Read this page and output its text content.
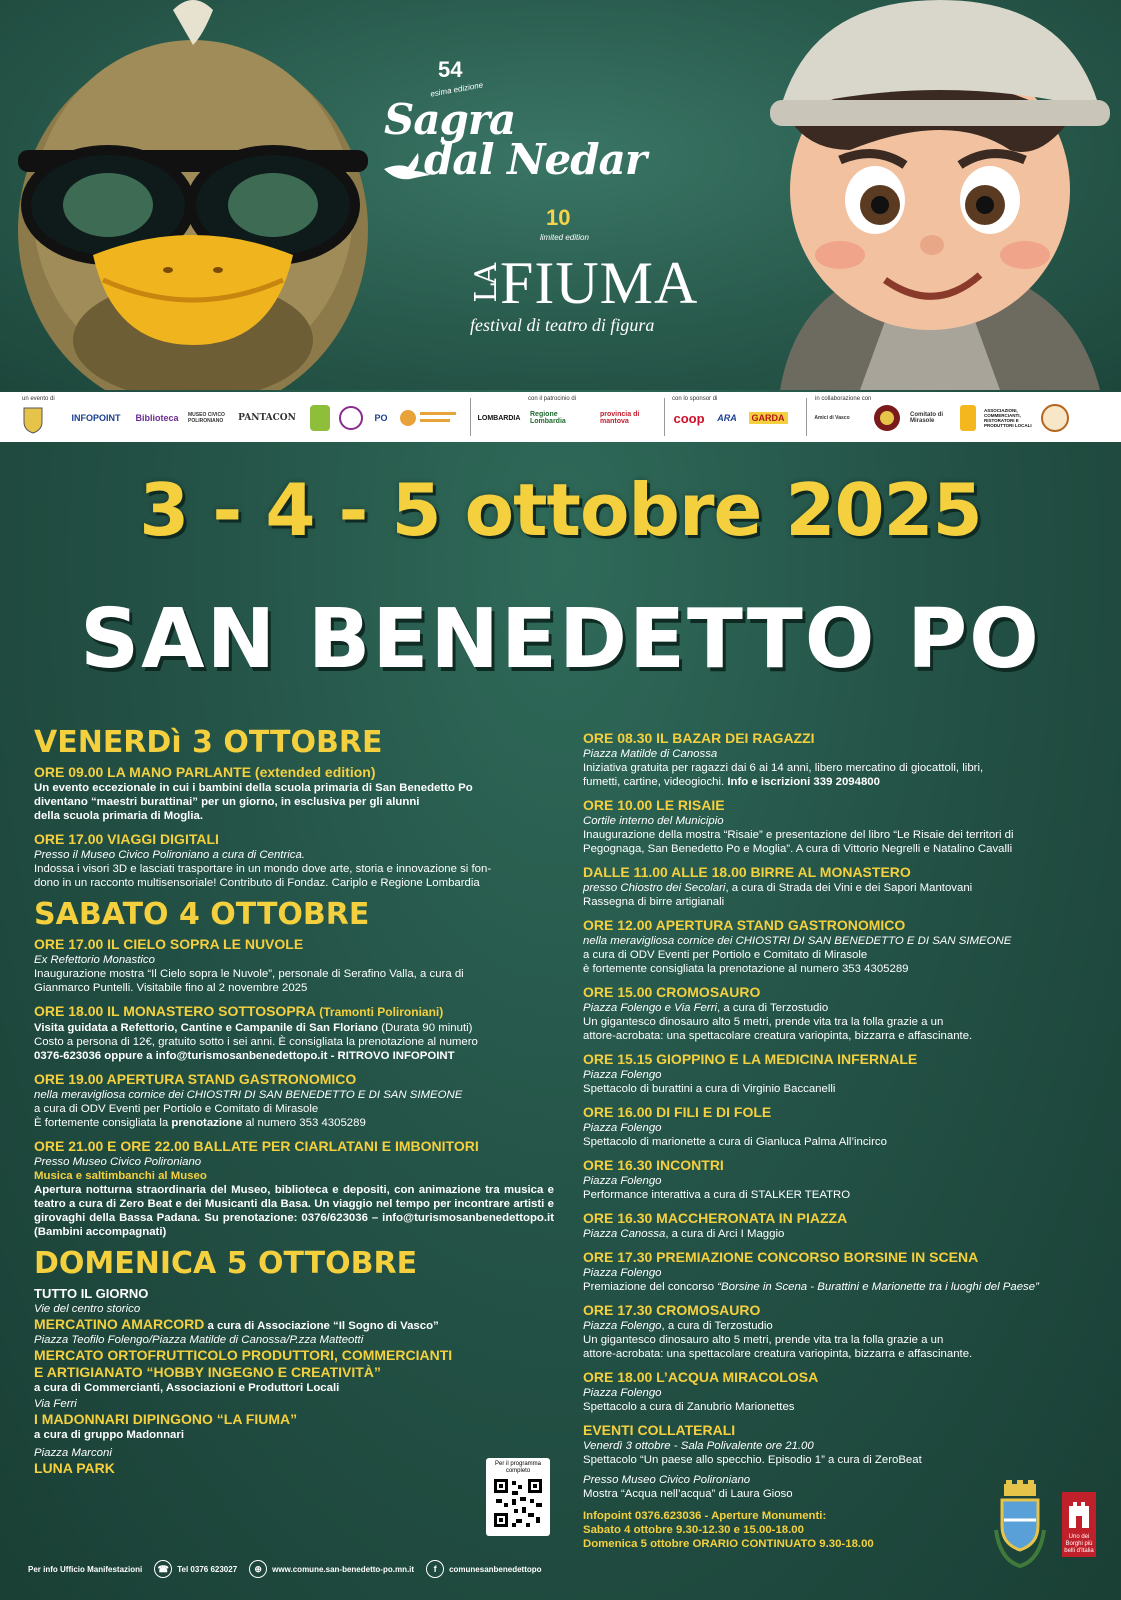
54
esima edizione
Sagra
dal Nedar
10
limited edition
LA
FIUMA
festival di teatro di figura
un evento di	con il patrocinio di	con lo sponsor di	in collaborazione con
INFOPOINT Biblioteca MUSEO CIVICO POLIRONIANO	PANTACON	PO	LOMBARDIA Regione Lombardia
provincia di mantova	coop ARA	GARDA	Amici di Vasco	Comitato di Mirasole
ASSOCIAZIONI, COMMERCIANTI, RISTORATORI E PRODUTTORI LOCALI
3 - 4 - 5 ottobre 2025
SAN BENEDETTO PO
VENERDì 3 OTTOBRE
ORE 09.00 LA MANO PARLANTE (extended edition)
Un evento eccezionale in cui i bambini della scuola primaria di San Benedetto Po
diventano “maestri burattinai” per un giorno, in esclusiva per gli alunni
della scuola primaria di Moglia.
ORE 17.00 VIAGGI DIGITALI
Presso il Museo Civico Polironiano a cura di Centrica.
Indossa i visori 3D e lasciati trasportare in un mondo dove arte, storia e innovazione si fon-
dono in un racconto multisensoriale! Contributo di Fondaz. Cariplo e Regione Lombardia
SABATO 4 OTTOBRE
ORE 17.00 IL CIELO SOPRA LE NUVOLE
Ex Refettorio Monastico
Inaugurazione mostra “Il Cielo sopra le Nuvole”, personale di Serafino Valla, a cura di
Gianmarco Puntelli. Visitabile fino al 2 novembre 2025
ORE 18.00 IL MONASTERO SOTTOSOPRA (Tramonti Polironiani)
Visita guidata a Refettorio, Cantine e Campanile di San Floriano (Durata 90 minuti)
Costo a persona di 12€, gratuito sotto i sei anni. È consigliata la prenotazione al numero
0376-623036 oppure a info@turismosanbenedettopo.it - RITROVO INFOPOINT
ORE 19.00 APERTURA STAND GASTRONOMICO
nella meravigliosa cornice dei CHIOSTRI DI SAN BENEDETTO E DI SAN SIMEONE
a cura di ODV Eventi per Portiolo e Comitato di Mirasole
È fortemente consigliata la prenotazione al numero 353 4305289
ORE 21.00 E ORE 22.00 BALLATE PER CIARLATANI E IMBONITORI
Presso Museo Civico Polironiano
Musica e saltimbanchi al Museo
Apertura notturna straordinaria del Museo, biblioteca e depositi, con animazione tra musica e teatro a cura di Zero Beat e dei Musicanti dla Basa. Un viaggio nel tempo per incontrare artisti e girovaghi della Bassa Padana. Su prenotazione: 0376/623036 – info@turismosanbenedettopo.it (Bambini accompagnati)
DOMENICA 5 OTTOBRE
TUTTO IL GIORNO
Vie del centro storico
MERCATINO AMARCORD a cura di Associazione “Il Sogno di Vasco”
Piazza Teofilo Folengo/Piazza Matilde di Canossa/P.zza Matteotti
MERCATO ORTOFRUTTICOLO PRODUTTORI, COMMERCIANTI
E ARTIGIANATO “HOBBY INGEGNO E CREATIVITÀ”
a cura di Commercianti, Associazioni e Produttori Locali
Via Ferri
I MADONNARI DIPINGONO “LA FIUMA”
a cura di gruppo Madonnari
Piazza Marconi
LUNA PARK	Per il programma completo
ORE 08.30 IL BAZAR DEI RAGAZZI
Piazza Matilde di Canossa
Iniziativa gratuita per ragazzi dai 6 ai 14 anni, libero mercatino di giocattoli, libri,
fumetti, cartine, videogiochi. Info e iscrizioni 339 2094800
ORE 10.00 LE RISAIE
Cortile interno del Municipio
Inaugurazione della mostra “Risaie” e presentazione del libro “Le Risaie dei territori di
Pegognaga, San Benedetto Po e Moglia”. A cura di Vittorio Negrelli e Natalino Cavalli
DALLE 11.00 ALLE 18.00 BIRRE AL MONASTERO
presso Chiostro dei Secolari, a cura di Strada dei Vini e dei Sapori Mantovani
Rassegna di birre artigianali
ORE 12.00 APERTURA STAND GASTRONOMICO
nella meravigliosa cornice dei CHIOSTRI DI SAN BENEDETTO E DI SAN SIMEONE
a cura di ODV Eventi per Portiolo e Comitato di Mirasole
è fortemente consigliata la prenotazione al numero 353 4305289
ORE 15.00 CROMOSAURO
Piazza Folengo e Via Ferri, a cura di Terzostudio
Un gigantesco dinosauro alto 5 metri, prende vita tra la folla grazie a un
attore-acrobata: una spettacolare creatura variopinta, bizzarra e affascinante.
ORE 15.15 GIOPPINO E LA MEDICINA INFERNALE
Piazza Folengo
Spettacolo di burattini a cura di Virginio Baccanelli
ORE 16.00 DI FILI E DI FOLE
Piazza Folengo
Spettacolo di marionette a cura di Gianluca Palma All’incirco
ORE 16.30 INCONTRI
Piazza Folengo
Performance interattiva a cura di STALKER TEATRO
ORE 16.30 MACCHERONATA IN PIAZZA
Piazza Canossa, a cura di Arci I Maggio
ORE 17.30 PREMIAZIONE CONCORSO BORSINE IN SCENA
Piazza Folengo
Premiazione del concorso “Borsine in Scena - Burattini e Marionette tra i luoghi del Paese”
ORE 17.30 CROMOSAURO
Piazza Folengo, a cura di Terzostudio
Un gigantesco dinosauro alto 5 metri, prende vita tra la folla grazie a un
attore-acrobata: una spettacolare creatura variopinta, bizzarra e affascinante.
ORE 18.00 L’ACQUA MIRACOLOSA
Piazza Folengo
Spettacolo a cura di Zanubrio Marionettes
EVENTI COLLATERALI
Venerdì 3 ottobre - Sala Polivalente ore 21.00
Spettacolo “Un paese allo specchio. Episodio 1” a cura di ZeroBeat
Presso Museo Civico Polironiano
Mostra “Acqua nell’acqua” di Laura Gioso
Infopoint 0376.623036 - Aperture Monumenti:
Sabato 4 ottobre 9.30-12.30 e 15.00-18.00
Domenica 5 ottobre ORARIO CONTINUATO 9.30-18.00
Per info Ufficio Manifestazioni	☎	Tel 0376 623027	⊕	www.comune.san-benedetto-po.mn.it	f	comunesanbenedettopo
Uno dei Borghi più belli d'Italia
